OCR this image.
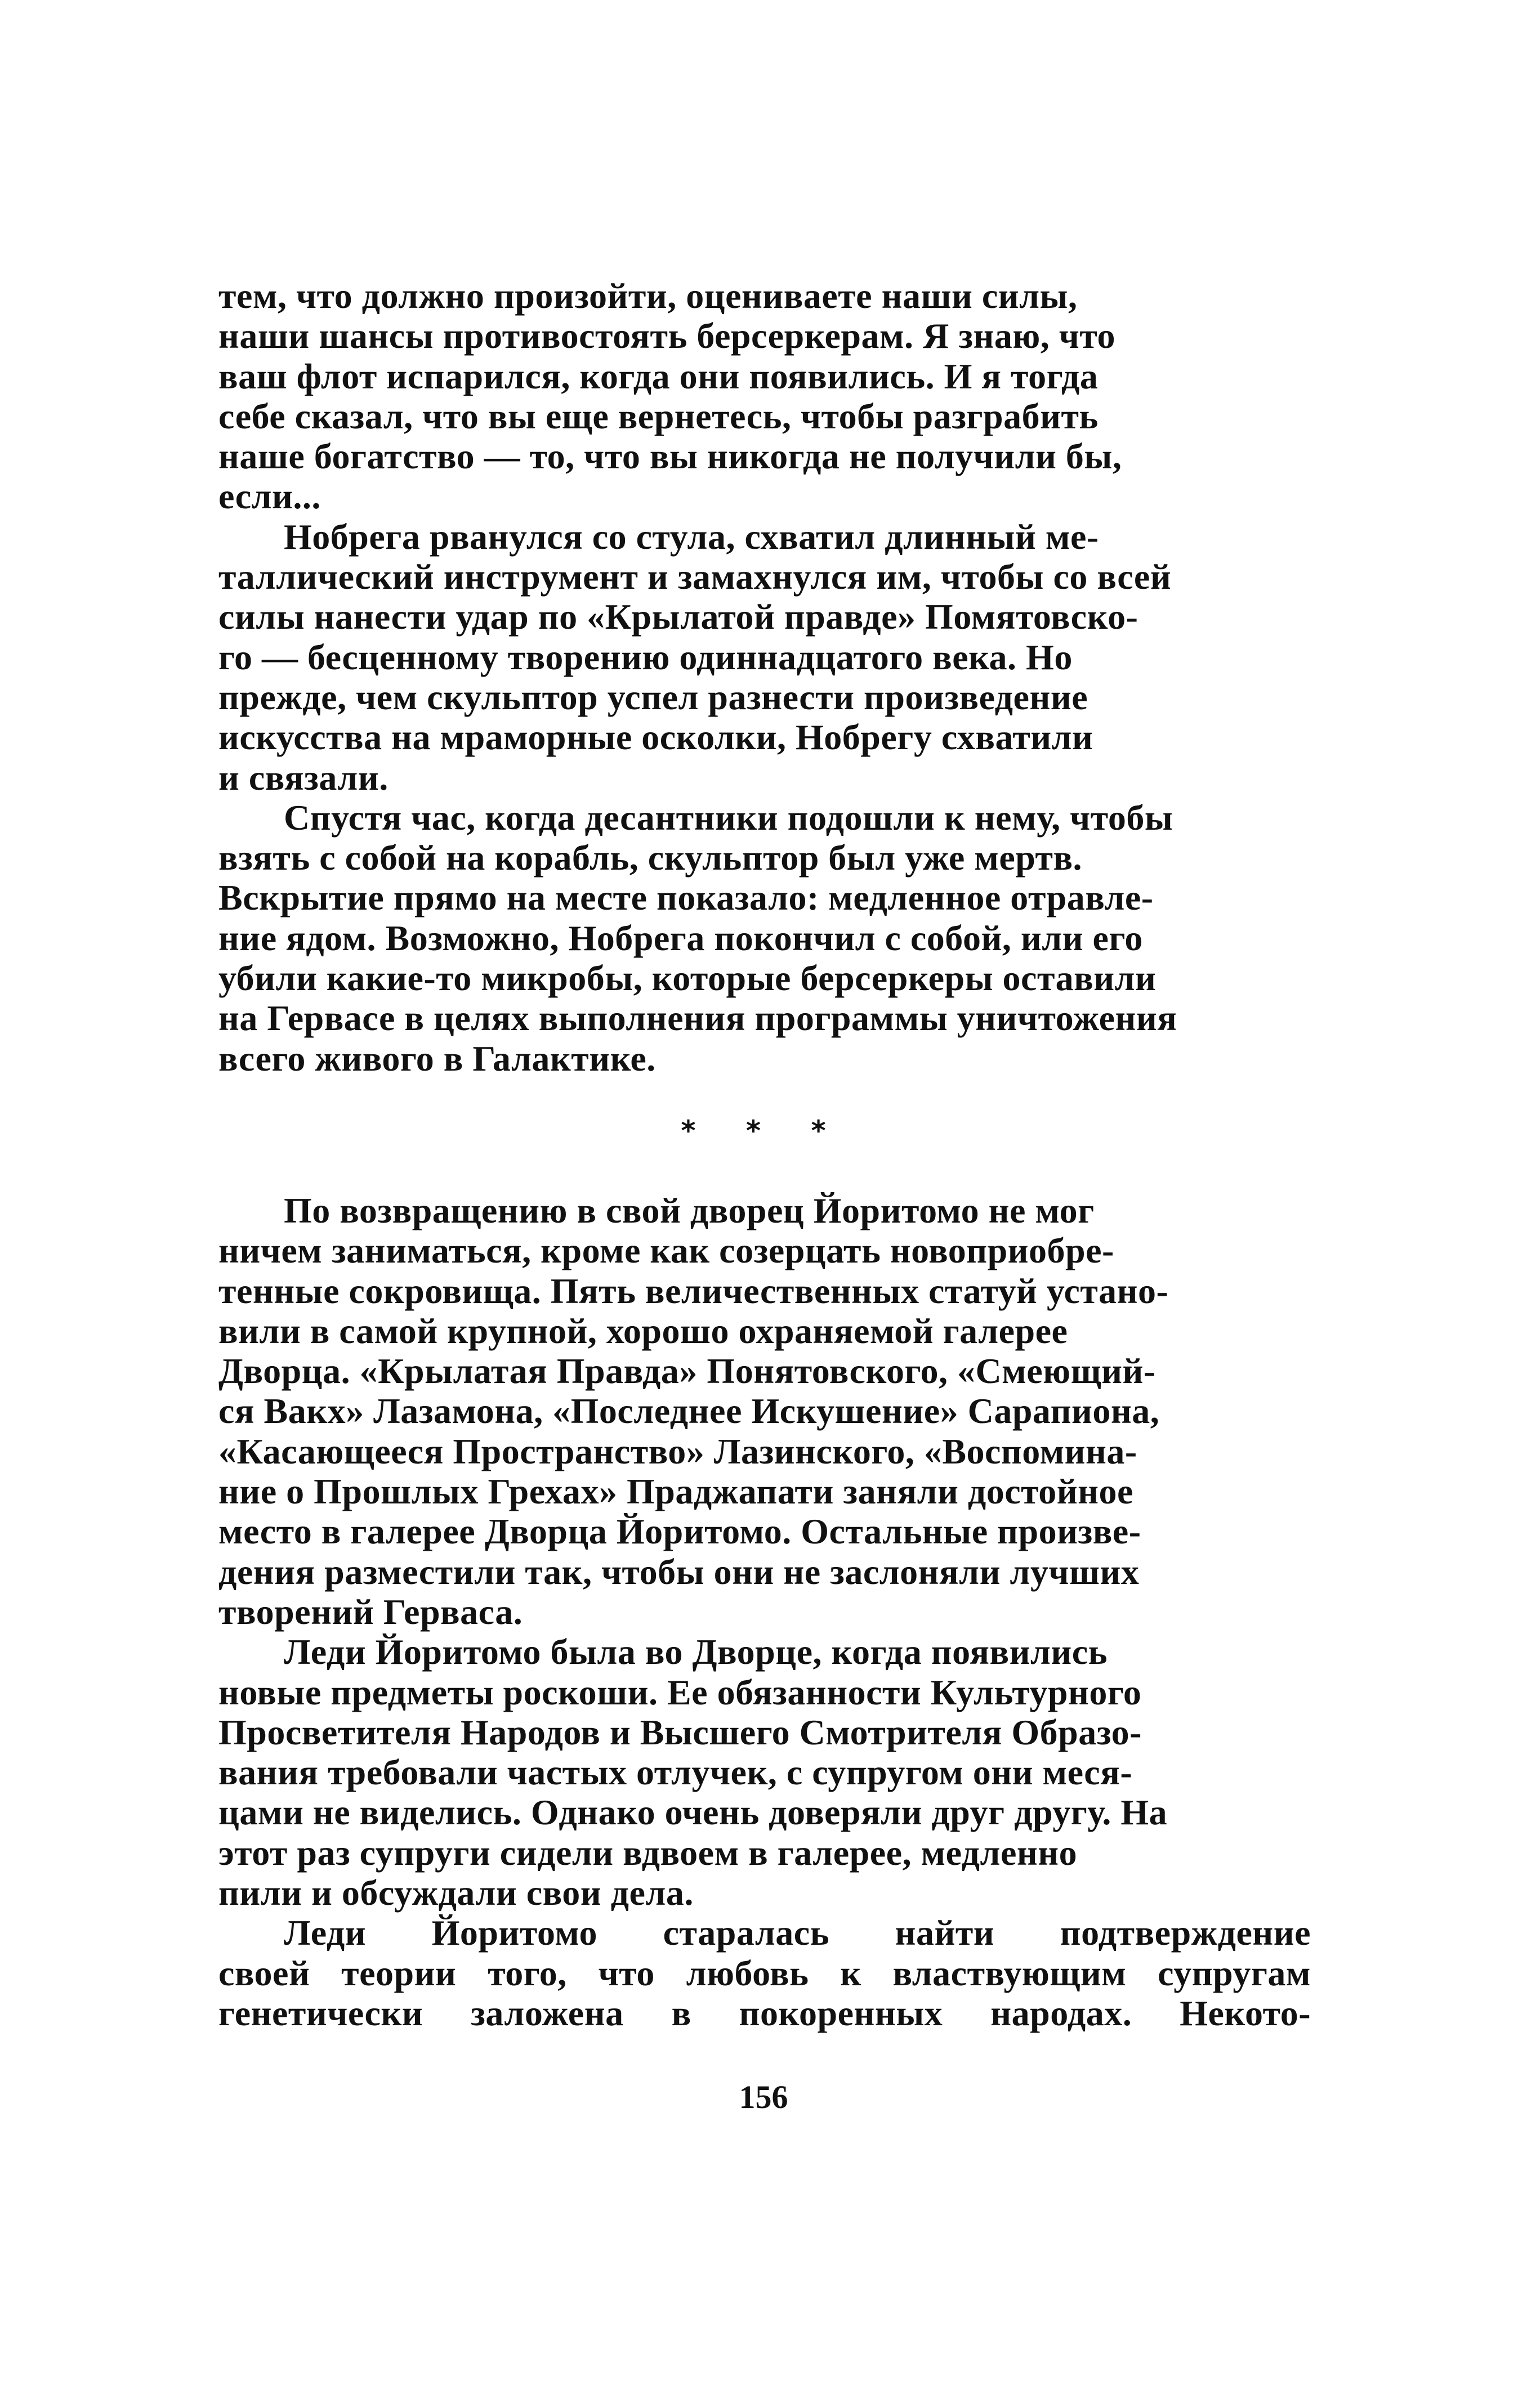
тем, что должно произойти, оцениваете наши силы,
наши шансы противостоять берсеркерам. Я знаю, что
ваш флот испарился, когда они появились. И я тогда
себе сказал, что вы еще вернетесь, чтобы разграбить
наше богатство — то, что вы никогда не получили бы,
если...

Нобрега рванулся со стула, схватил длинный ме-
таллический инструмент и замахнулся им, чтобы со всей
силы нанести удар по «Крылатой правде» Помятовско-
го — бесценному творению одиннадцатого века. Но
прежде, чем скульптор успел разнести произведение
искусства на мраморные осколки, Нобрегу схватили
и связали.

Спустя час, когда десантники подошли к нему, чтобы
взять с собой на корабль, скульптор был уже мертв.
Вскрытие прямо на месте показало: медленное отравле-
ние ядом. Возможно, Нобрега покончил с собой, или его
убили какие-то микробы, которые берсеркеры оставили
на Гервасе в целях выполнения программы уничтожения
всего живого в Галактике.

* * *

По возвращению в свой дворец Йоритомо не мог
ничем заниматься, кроме как созерцать новоприобре-
тенные сокровища. Пять величественных статуй устано-
вили в самой крупной, хорошо охраняемой галерее
Дворца. «Крылатая Правда» Понятовского, «Смеющий-
ся Вакх» Лазамона, «Последнее Искушение» Сарапиона,
«Касающееся Пространство» Лазинского, «Воспомина-
ние о Прошлых Грехах» Праджапати заняли достойное
место в галерее Дворца Йоритомо. Остальные произве-
дения разместили так, чтобы они не заслоняли лучших
творений Герваса.

Леди Йоритомо была во Дворце, когда появились
новые предметы роскоши. Ее обязанности Культурного
Просветителя Народов и Высшего Смотрителя Образо-
вания требовали частых отлучек, с супругом они меся-
цами не виделись. Однако очень доверяли друг другу. На
этот раз супруги сидели вдвоем в галерее, медленно
пили и обсуждали свои дела.

Леди Йоритомо старалась найти подтверждение
своей теории того, что любовь к властвующим супругам
генетически заложена в покоренных народах. Некото-

156
